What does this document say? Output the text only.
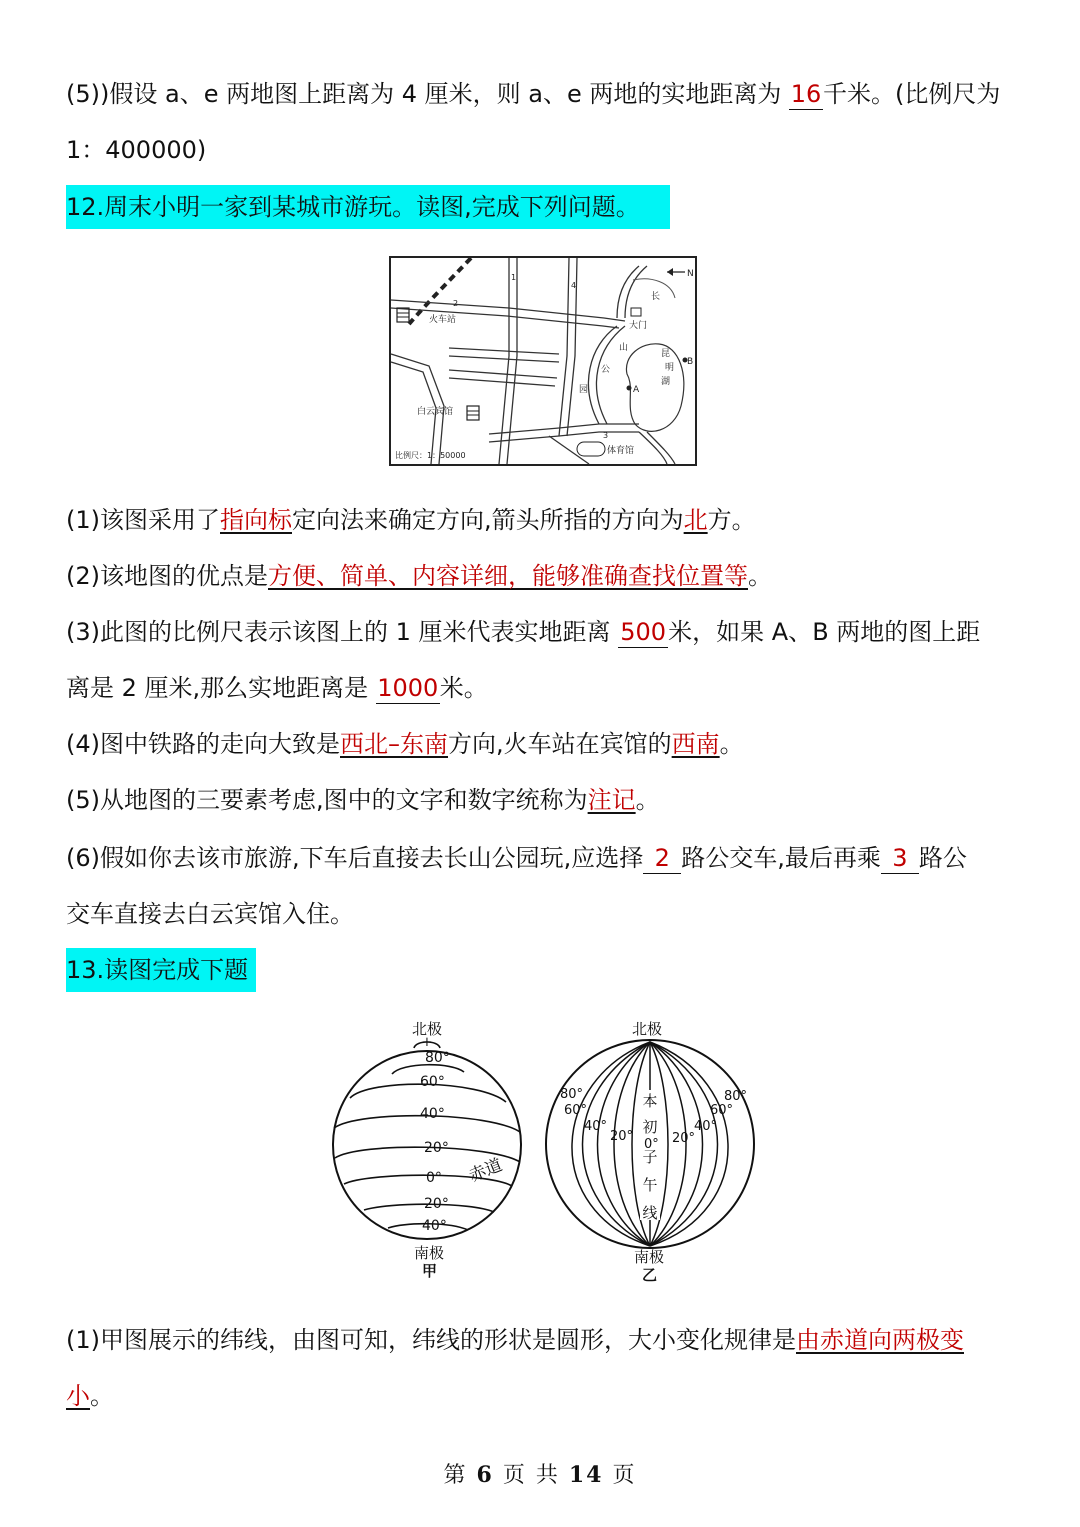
(5))假设 a、e 两地图上距离为 4 厘米，则 a、e 两地的实地距离为 16千米。(比例尺为
1：400000)
12.周末小明一家到某城市游玩。读图,完成下列问题。
火车站
白云宾馆
大门
长
山
公
园
昆
明
湖
A
B
体育馆
N
比例尺：1：50000
1
2
3
4
(1)该图采用了指向标定向法来确定方向,箭头所指的方向为北方。
(2)该地图的优点是方便、简单、内容详细，能够准确查找位置等。
(3)此图的比例尺表示该图上的 1 厘米代表实地距离 500米，如果 A、B 两地的图上距
离是 2 厘米,那么实地距离是 1000米。
(4)图中铁路的走向大致是西北–东南方向,火车站在宾馆的西南。
(5)从地图的三要素考虑,图中的文字和数字统称为注记。
(6)假如你去该市旅游,下车后直接去长山公园玩,应选择 2 路公交车,最后再乘 3 路公
交车直接去白云宾馆入住。
13.读图完成下题
北极
+
80°
60°
40°
20°
0°
20°
40°
赤道
南极
甲
北极
+
本
初
子
午
线
80°
60°
40°
20°
0° 20°
40°
60°
80°
南极
乙
(1)甲图展示的纬线，由图可知，纬线的形状是圆形，大小变化规律是由赤道向两极变
小。
第 6 页 共 14 页
